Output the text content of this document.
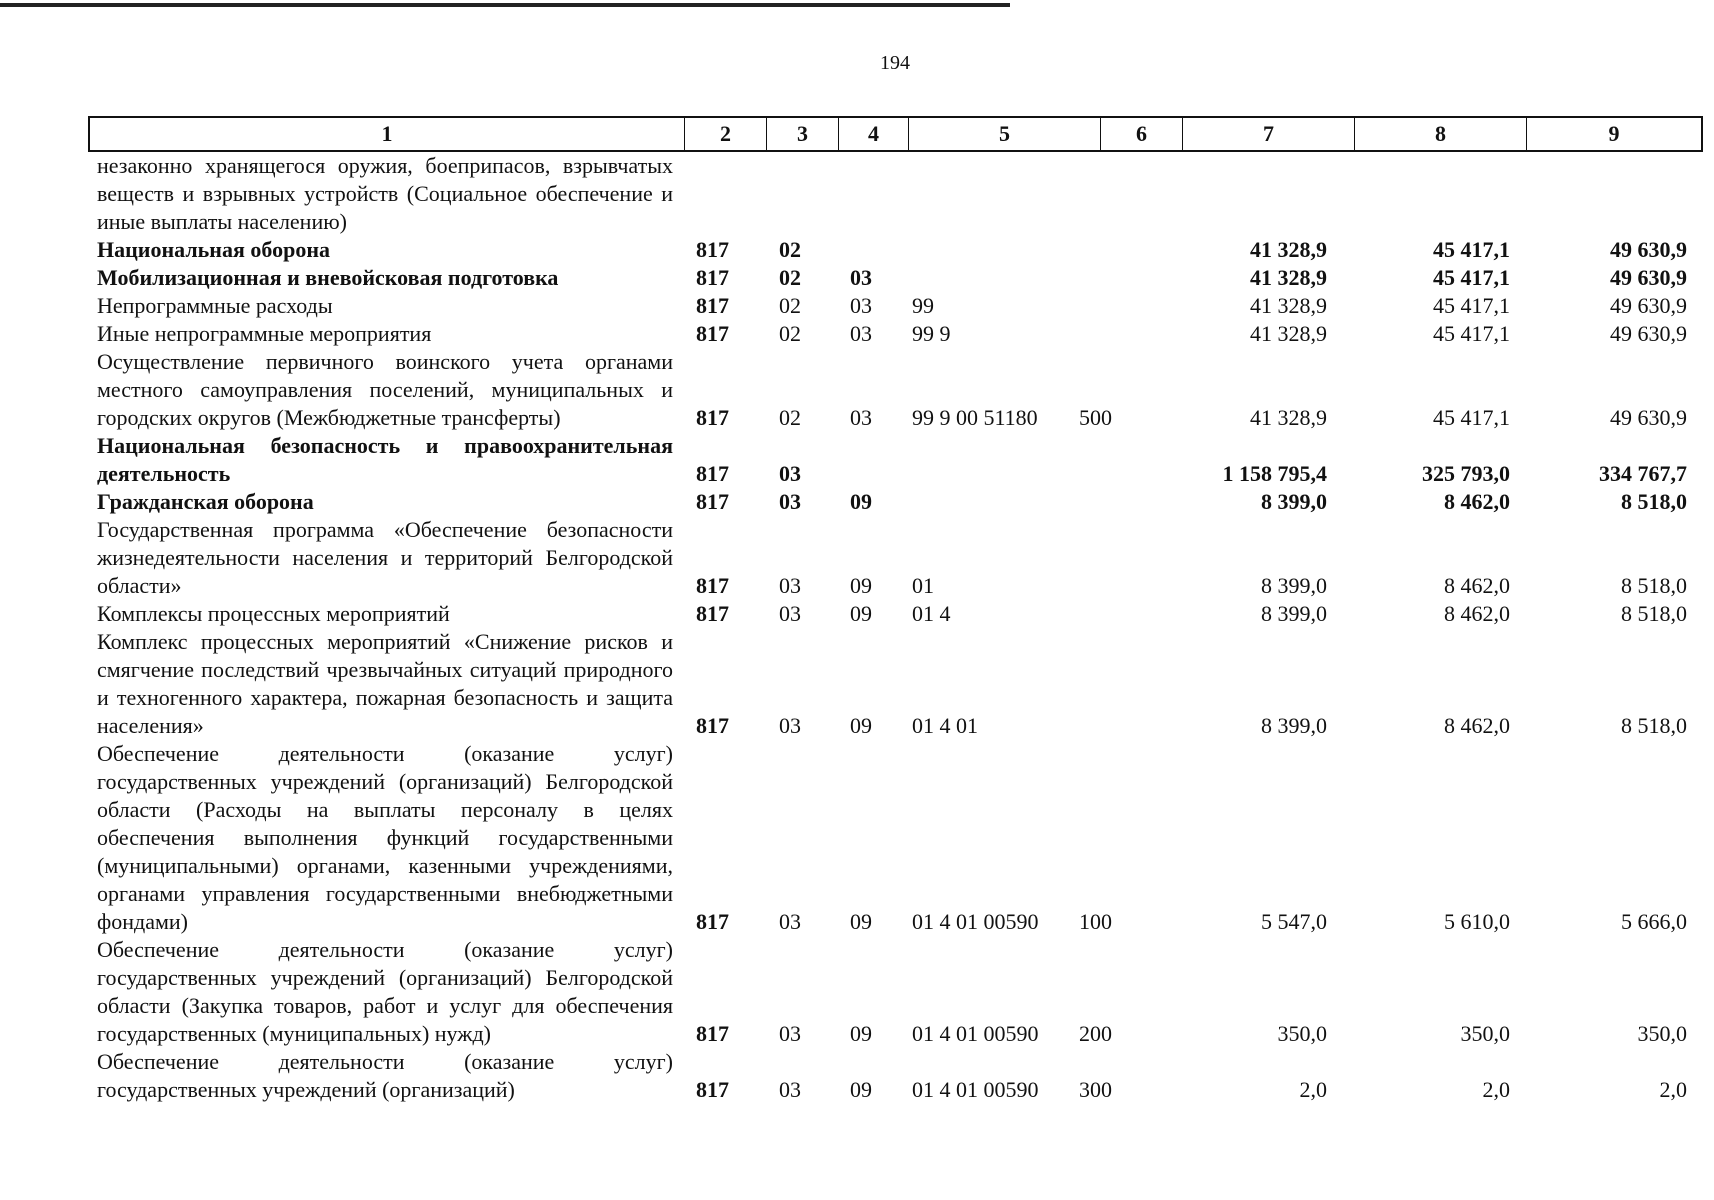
194
1	2	3	4	5	6	7	8	9
незаконно хранящегося оружия, боеприпасов, взрывчатых веществ и взрывных устройств (Социальное обеспечение и иные выплаты населению)								
Национальная оборона	817	02				41 328,9	45 417,1	49 630,9
Мобилизационная и вневойсковая подготовка	817	02	03			41 328,9	45 417,1	49 630,9
Непрограммные расходы	817	02	03	99		41 328,9	45 417,1	49 630,9
Иные непрограммные мероприятия	817	02	03	99 9		41 328,9	45 417,1	49 630,9
Осуществление первичного воинского учета органами местного самоуправления поселений, муниципальных и городских округов (Межбюджетные трансферты)	817	02	03	99 9 00 51180	500	41 328,9	45 417,1	49 630,9
Национальная безопасность и правоохранительная деятельность	817	03				1 158 795,4	325 793,0	334 767,7
Гражданская оборона	817	03	09			8 399,0	8 462,0	8 518,0
Государственная программа «Обеспечение безопасности жизнедеятельности населения и территорий Белгородской области»	817	03	09	01		8 399,0	8 462,0	8 518,0
Комплексы процессных мероприятий	817	03	09	01 4		8 399,0	8 462,0	8 518,0
Комплекс процессных мероприятий «Снижение рисков и смягчение последствий чрезвычайных ситуаций природного и техногенного характера, пожарная безопасность и защита населения»	817	03	09	01 4 01		8 399,0	8 462,0	8 518,0
Обеспечение деятельности (оказание услуг) государственных учреждений (организаций) Белгородской области (Расходы на выплаты персоналу в целях обеспечения выполнения функций государственными (муниципальными) органами, казенными учреждениями, органами управления государственными внебюджетными фондами)	817	03	09	01 4 01 00590	100	5 547,0	5 610,0	5 666,0
Обеспечение деятельности (оказание услуг) государственных учреждений (организаций) Белгородской области (Закупка товаров, работ и услуг для обеспечения государственных (муниципальных) нужд)	817	03	09	01 4 01 00590	200	350,0	350,0	350,0
Обеспечение деятельности (оказание услуг) государственных учреждений (организаций)	817	03	09	01 4 01 00590	300	2,0	2,0	2,0
